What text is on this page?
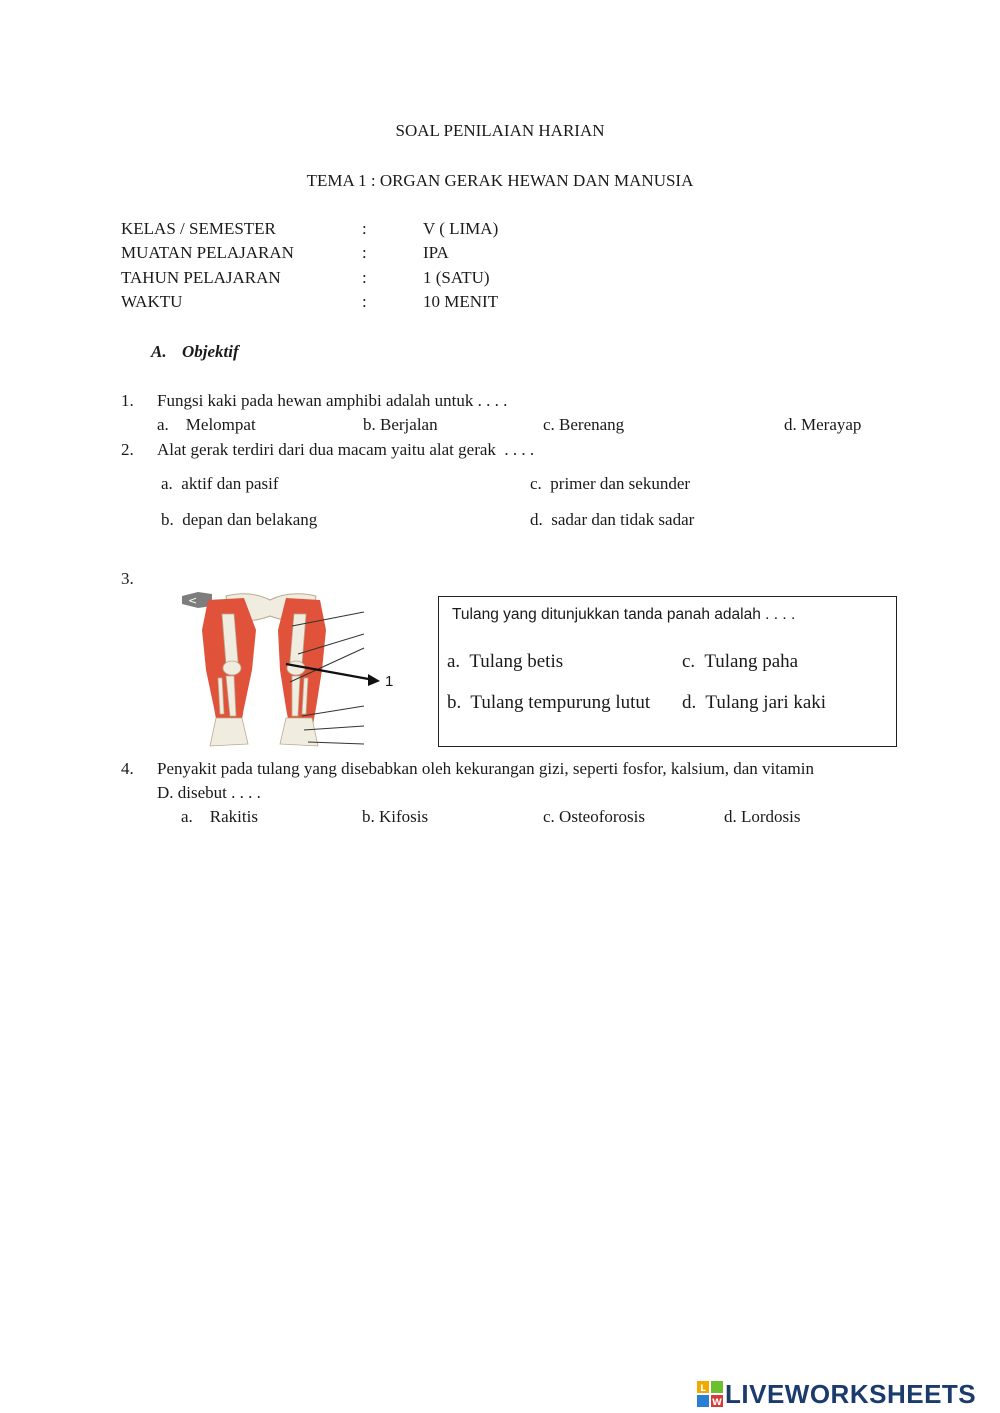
SOAL PENILAIAN HARIAN
TEMA 1 : ORGAN GERAK HEWAN DAN MANUSIA
KELAS / SEMESTER	:	V ( LIMA)
MUATAN PELAJARAN	:	IPA
TAHUN PELAJARAN	:	1 (SATU)
WAKTU	:	10 MENIT
A. Objektif
1. Fungsi kaki pada hewan amphibi adalah untuk . . . .
a.    Melompat	b. Berjalan	c. Berenang	d. Merayap
2. Alat gerak terdiri dari dua macam yaitu alat gerak  . . . .
a.  aktif dan pasif	c.  primer dan sekunder
b.  depan dan belakang	d.  sadar dan tidak sadar
3.
<
1
Tulang yang ditunjukkan tanda panah adalah . . . .
a.  Tulang betis	c.  Tulang paha
b.  Tulang tempurung lutut d.  Tulang jari kaki
4. Penyakit pada tulang yang disebabkan oleh kekurangan gizi, seperti fosfor, kalsium, dan vitamin
D. disebut . . . .
a.    Rakitis	b. Kifosis	c. Osteoforosis	d. Lordosis
L
W LIVEWORKSHEETS
